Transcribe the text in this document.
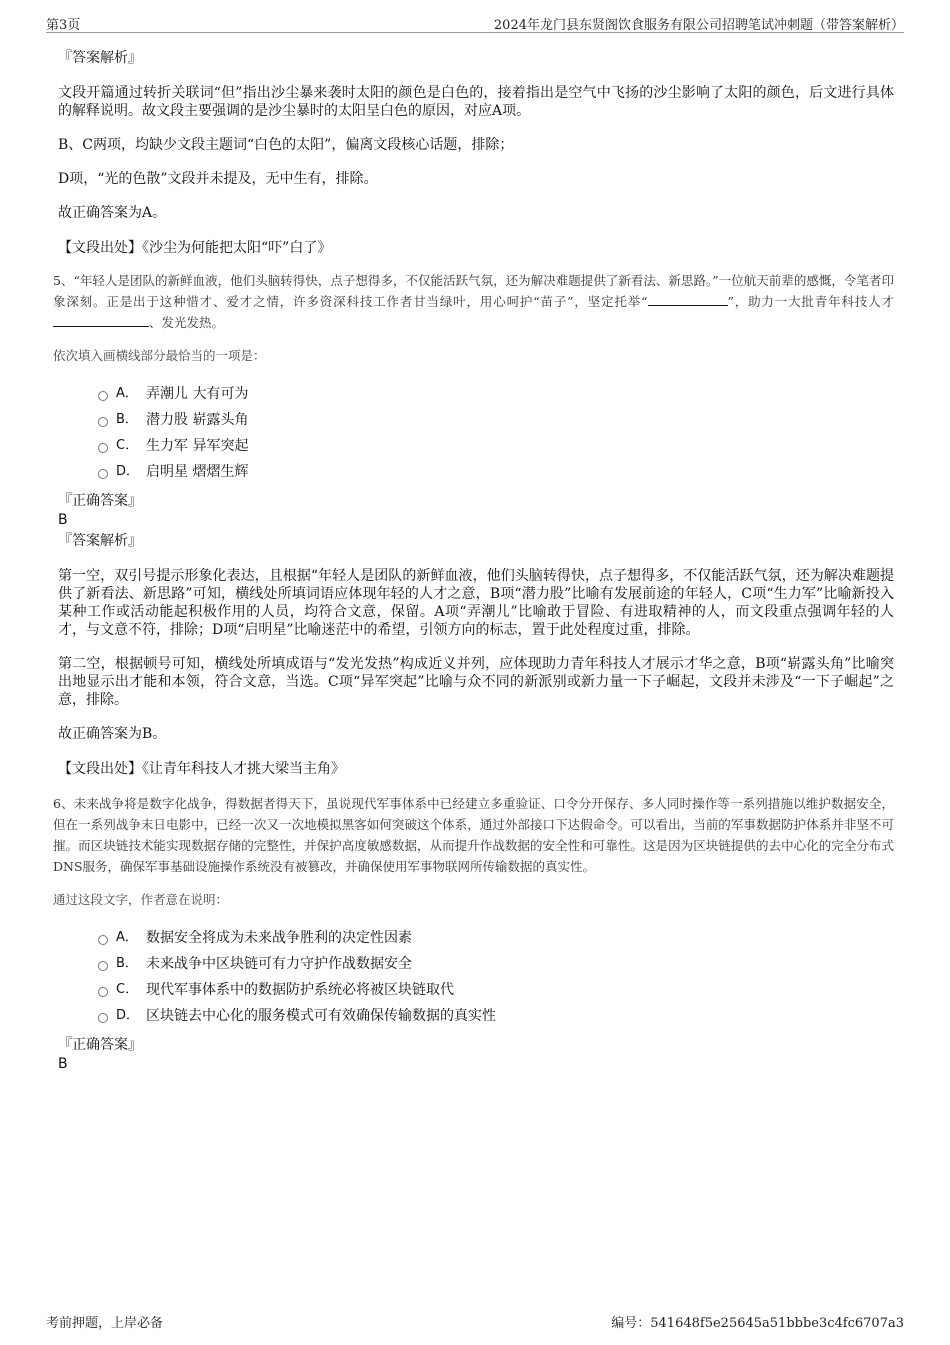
第3页	2024年龙门县东贤阁饮食服务有限公司招聘笔试冲刺题（带答案解析）
『答案解析』

文段开篇通过转折关联词“但”指出沙尘暴来袭时太阳的颜色是白色的，接着指出是空气中飞扬的沙尘影响了太阳的颜色，后文进行具体的解释说明。故文段主要强调的是沙尘暴时的太阳呈白色的原因，对应A项。

B、C两项，均缺少文段主题词“白色的太阳”，偏离文段核心话题，排除；

D项，“光的色散”文段并未提及，无中生有，排除。

故正确答案为A。

【文段出处】《沙尘为何能把太阳“吓”白了》

5、“年轻人是团队的新鲜血液，他们头脑转得快，点子想得多，不仅能活跃气氛，还为解决难题提供了新看法、新思路。”一位航天前辈的感慨，令笔者印象深刻。正是出于这种惜才、爱才之情，许多资深科技工作者甘当绿叶，用心呵护“苗子”，坚定托举“	”，助力一大批青年科技人才、发光发热。

依次填入画横线部分最恰当的一项是：
A． 弄潮儿 大有可为
B． 潜力股 崭露头角
C． 生力军 异军突起
D． 启明星 熠熠生辉
『正确答案』
B
『答案解析』

第一空，双引号提示形象化表达，且根据“年轻人是团队的新鲜血液，他们头脑转得快，点子想得多，不仅能活跃气氛，还为解决难题提供了新看法、新思路”可知，横线处所填词语应体现年轻的人才之意，B项“潜力股”比喻有发展前途的年轻人，C项“生力军”比喻新投入某种工作或活动能起积极作用的人员，均符合文意，保留。A项“弄潮儿”比喻敢于冒险、有进取精神的人，而文段重点强调年轻的人才，与文意不符，排除；D项“启明星”比喻迷茫中的希望，引领方向的标志，置于此处程度过重，排除。

第二空，根据顿号可知，横线处所填成语与“发光发热”构成近义并列，应体现助力青年科技人才展示才华之意，B项“崭露头角”比喻突出地显示出才能和本领，符合文意，当选。C项“异军突起”比喻与众不同的新派别或新力量一下子崛起，文段并未涉及“一下子崛起”之意，排除。

故正确答案为B。

【文段出处】《让青年科技人才挑大梁当主角》

6、未来战争将是数字化战争，得数据者得天下，虽说现代军事体系中已经建立多重验证、口令分开保存、多人同时操作等一系列措施以维护数据安全，但在一系列战争末日电影中，已经一次又一次地模拟黑客如何突破这个体系，通过外部接口下达假命令。可以看出，当前的军事数据防护体系并非坚不可摧。而区块链技术能实现数据存储的完整性，并保护高度敏感数据，从而提升作战数据的安全性和可靠性。这是因为区块链提供的去中心化的完全分布式DNS服务，确保军事基础设施操作系统没有被篡改，并确保使用军事物联网所传输数据的真实性。

通过这段文字，作者意在说明：
A． 数据安全将成为未来战争胜利的决定性因素
B． 未来战争中区块链可有力守护作战数据安全
C． 现代军事体系中的数据防护系统必将被区块链取代
D． 区块链去中心化的服务模式可有效确保传输数据的真实性
『正确答案』
B
考前押题，上岸必备	编号：541648f5e25645a51bbbe3c4fc6707a3
